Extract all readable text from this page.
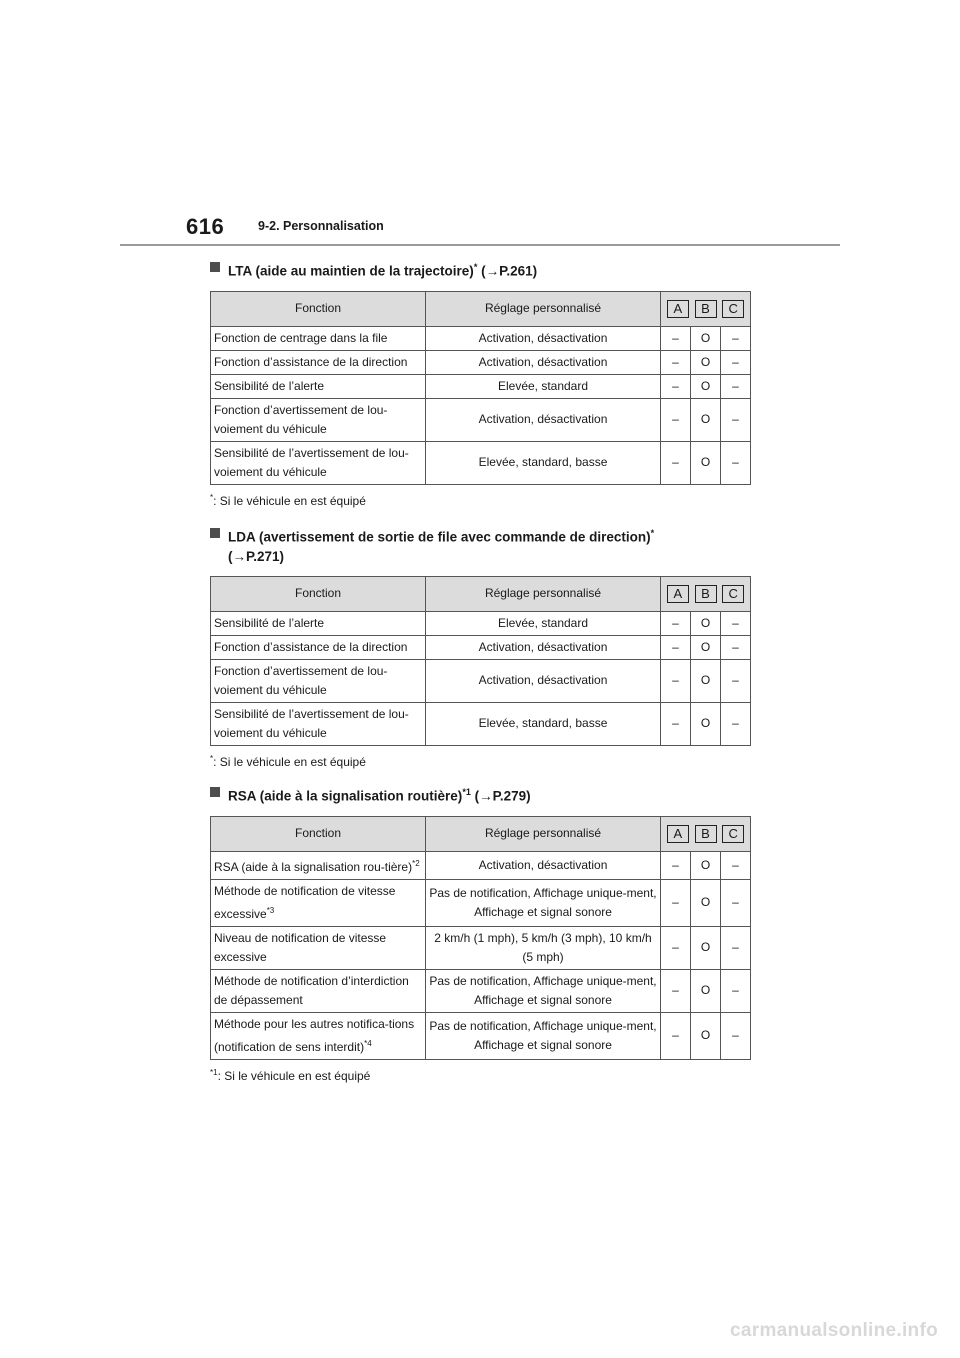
616	9-2. Personnalisation
LTA (aide au maintien de la trajectoire)* (→P.261)
Fonction	Réglage personnalisé	A B C		

Fonction de centrage dans la file	Activation, désactivation	–	O	–
Fonction d’assistance de la direction	Activation, désactivation	–	O	–
Sensibilité de l’alerte	Elevée, standard	–	O	–
Fonction d’avertissement de lou-voiement du véhicule	Activation, désactivation	–	O	–
Sensibilité de l’avertissement de lou-voiement du véhicule	Elevée, standard, basse	–	O	–
*: Si le véhicule en est équipé
LDA (avertissement de sortie de file avec commande de direction)*
(→P.271)
Fonction	Réglage personnalisé	A B C		

Sensibilité de l’alerte	Elevée, standard	–	O	–
Fonction d’assistance de la direction	Activation, désactivation	–	O	–
Fonction d’avertissement de lou-voiement du véhicule	Activation, désactivation	–	O	–
Sensibilité de l’avertissement de lou-voiement du véhicule	Elevée, standard, basse	–	O	–
*: Si le véhicule en est équipé
RSA (aide à la signalisation routière)$^{*1}$ (→P.279)
Fonction	Réglage personnalisé	A B C		

RSA (aide à la signalisation rou-tière)$^{*2}$	Activation, désactivation	–	O	–
Méthode de notification de vitesse excessive$^{*3}$	Pas de notification, Affichage unique-ment, Affichage et signal sonore	–	O	–
Niveau de notification de vitesse excessive	2 km/h (1 mph), 5 km/h (3 mph), 10 km/h (5 mph)	–	O	–
Méthode de notification d’interdiction de dépassement	Pas de notification, Affichage unique-ment, Affichage et signal sonore	–	O	–
Méthode pour les autres notifica-tions (notification de sens interdit)$^{*4}$	Pas de notification, Affichage unique-ment, Affichage et signal sonore	–	O	–
$^{*1}$: Si le véhicule en est équipé
carmanualsonline.info
